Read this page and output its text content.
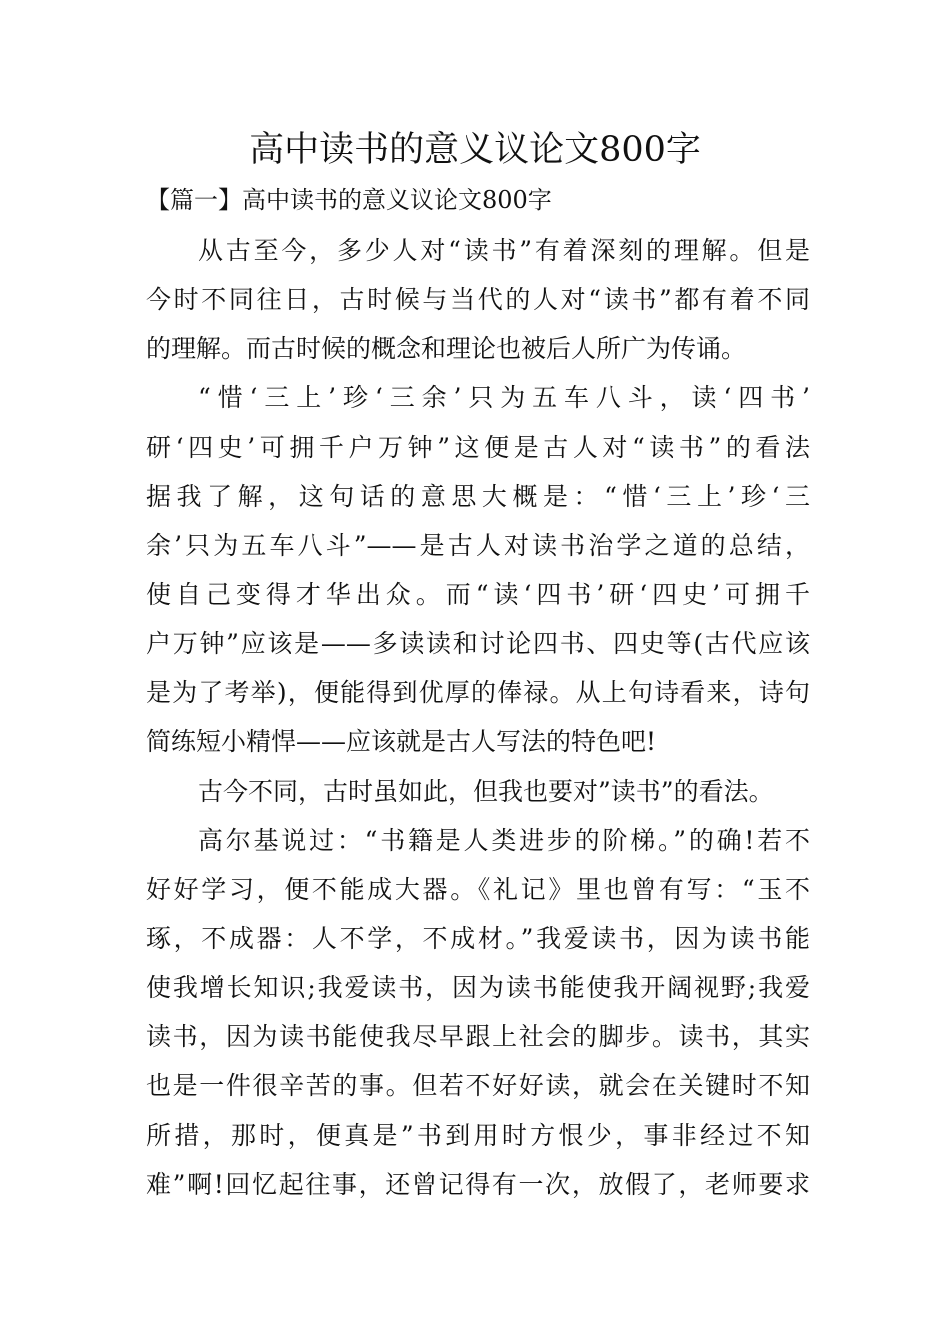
高中读书的意义议论文800字
【篇一】高中读书的意义议论文800字
从古至今，多少人对“读书”有着深刻的理解。但是
今时不同往日，古时候与当代的人对“读书”都有着不同
的理解。而古时候的概念和理论也被后人所广为传诵。
“惜‘三上’珍‘三余’只为五车八斗，读‘四书’
研‘四史’可拥千户万钟”这便是古人对“读书”的看法
据我了解，这句话的意思大概是：“惜‘三上’珍‘三
余’只为五车八斗”——是古人对读书治学之道的总结，
使自己变得才华出众。而“读‘四书’研‘四史’可拥千
户万钟”应该是——多读读和讨论四书、四史等(古代应该
是为了考举)，便能得到优厚的俸禄。从上句诗看来，诗句
简练短小精悍——应该就是古人写法的特色吧!
古今不同，古时虽如此，但我也要对”读书”的看法。
高尔基说过：“书籍是人类进步的阶梯。”的确!若不
好好学习，便不能成大器。《礼记》里也曾有写：“玉不
琢，不成器：人不学，不成材。”我爱读书，因为读书能
使我增长知识;我爱读书，因为读书能使我开阔视野;我爱
读书，因为读书能使我尽早跟上社会的脚步。读书，其实
也是一件很辛苦的事。但若不好好读，就会在关键时不知
所措，那时，便真是”书到用时方恨少，事非经过不知
难”啊!回忆起往事，还曾记得有一次，放假了，老师要求
